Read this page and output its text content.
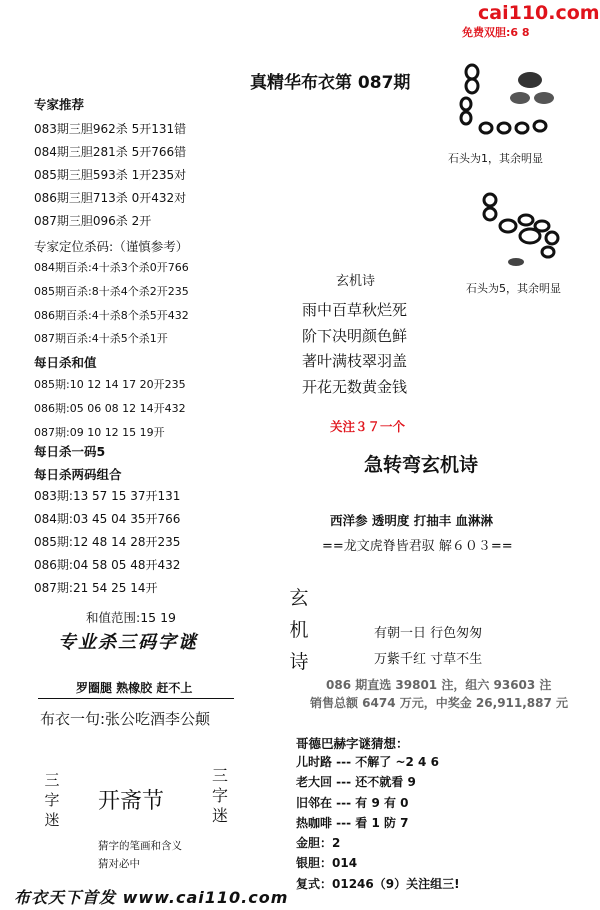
cai110.com
免费双胆:6 8
真精华布衣第 087期
石头为1，其余明显
石头为5，其余明显
专家推荐
083期三胆962杀 5开131错
084期三胆281杀 5开766错
085期三胆593杀 1开235对
086期三胆713杀 0开432对
087期三胆096杀 2开
专家定位杀码:（谨慎参考）
084期百杀:4十杀3个杀0开766
085期百杀:8十杀4个杀2开235
086期百杀:4十杀8个杀5开432
087期百杀:4十杀5个杀1开
每日杀和值
085期:10 12 14 17 20开235
086期:05 06 08 12 14开432
087期:09 10 12 15 19开
每日杀一码5
每日杀两码组合
083期:13 57 15 37开131
084期:03 45 04 35开766
085期:12 48 14 28开235
086期:04 58 05 48开432
087期:21 54 25 14开
和值范围:15 19
专业杀三码字谜
罗圈腿 熟橡胶 赶不上
布衣一句:张公吃酒李公颠
三字迷
开斋节
三字迷
猜字的笔画和含义
猜对必中
布衣天下首发 www.cai110.com
玄机诗
雨中百草秋烂死
阶下决明颜色鲜
著叶满枝翠羽盖
开花无数黄金钱
关注３７一个
急转弯玄机诗
西洋参 透明度 打抽丰 血淋淋
==龙文虎脊皆君驭 解６０３==
玄机诗
有朝一日 行色匆匆
万紫千红 寸草不生
086 期直选 39801 注，组六 93603 注
销售总额 6474 万元，中奖金 26,911,887 元
哥德巴赫字谜猜想：
儿时路 --- 不解了 ~2 4 6
老大回 --- 还不就看 9
旧邻在 --- 有 9 有 0
热咖啡 --- 看 1 防 7
金胆：2
银胆：014
复式：01246（9）关注组三!
